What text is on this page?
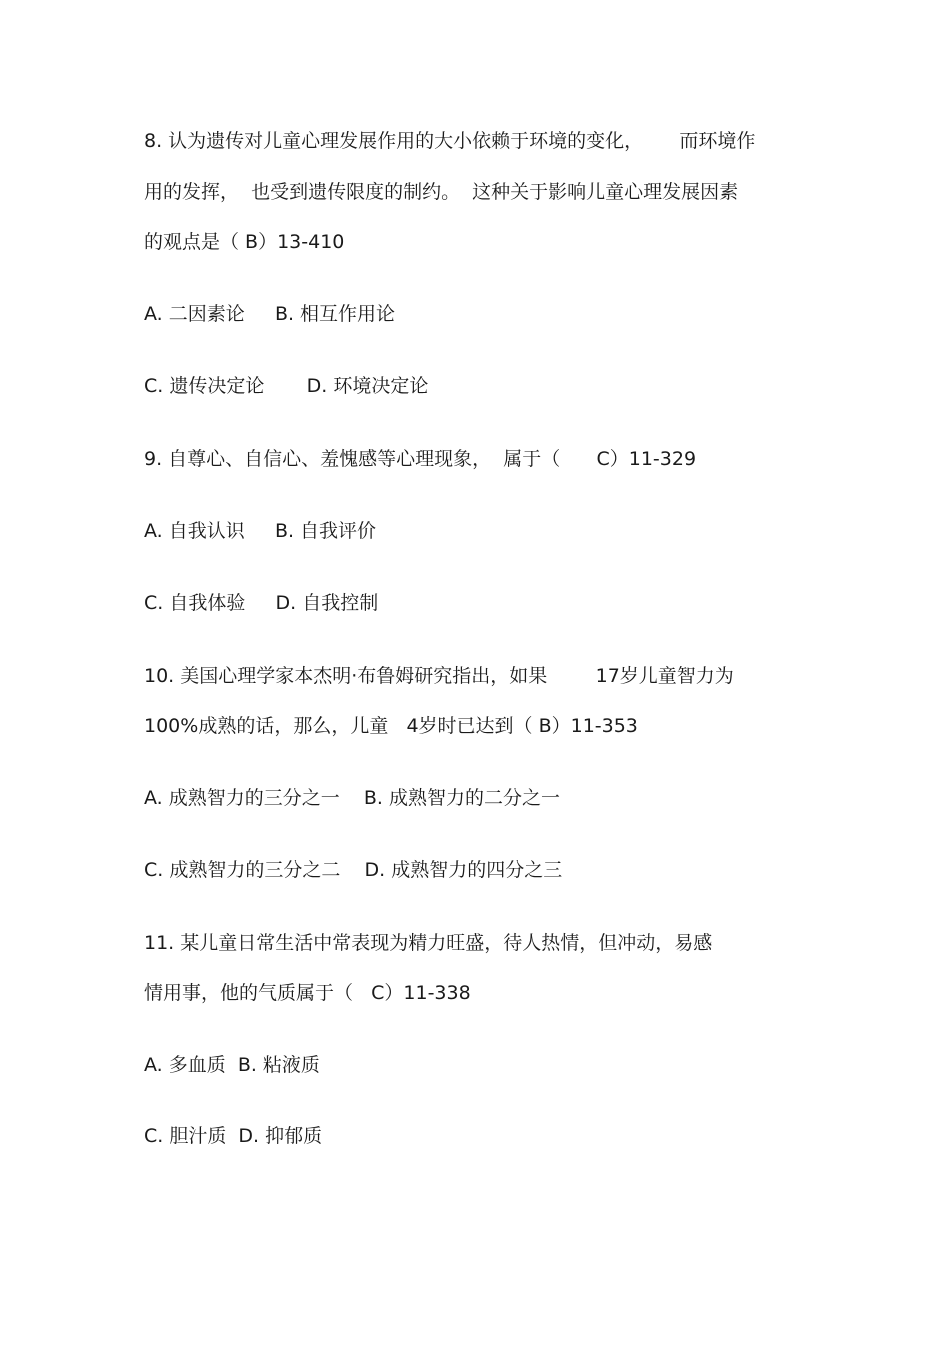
8. 认为遗传对儿童心理发展作用的大小依赖于环境的变化，      而环境作
用的发挥，  也受到遗传限度的制约。  这种关于影响儿童心理发展因素
的观点是（ B）13-410
A. 二因素论     B. 相互作用论
C. 遗传决定论       D. 环境决定论
9. 自尊心、自信心、羞愧感等心理现象，  属于（      C）11-329
A. 自我认识     B. 自我评价
C. 自我体验     D. 自我控制
10. 美国心理学家本杰明·布鲁姆研究指出，如果        17岁儿童智力为
100%成熟的话，那么，儿童   4岁时已达到（ B）11-353
A. 成熟智力的三分之一    B. 成熟智力的二分之一
C. 成熟智力的三分之二    D. 成熟智力的四分之三
11. 某儿童日常生活中常表现为精力旺盛，待人热情，但冲动，易感
情用事，他的气质属于（   C）11-338
A. 多血质  B. 粘液质
C. 胆汁质  D. 抑郁质
